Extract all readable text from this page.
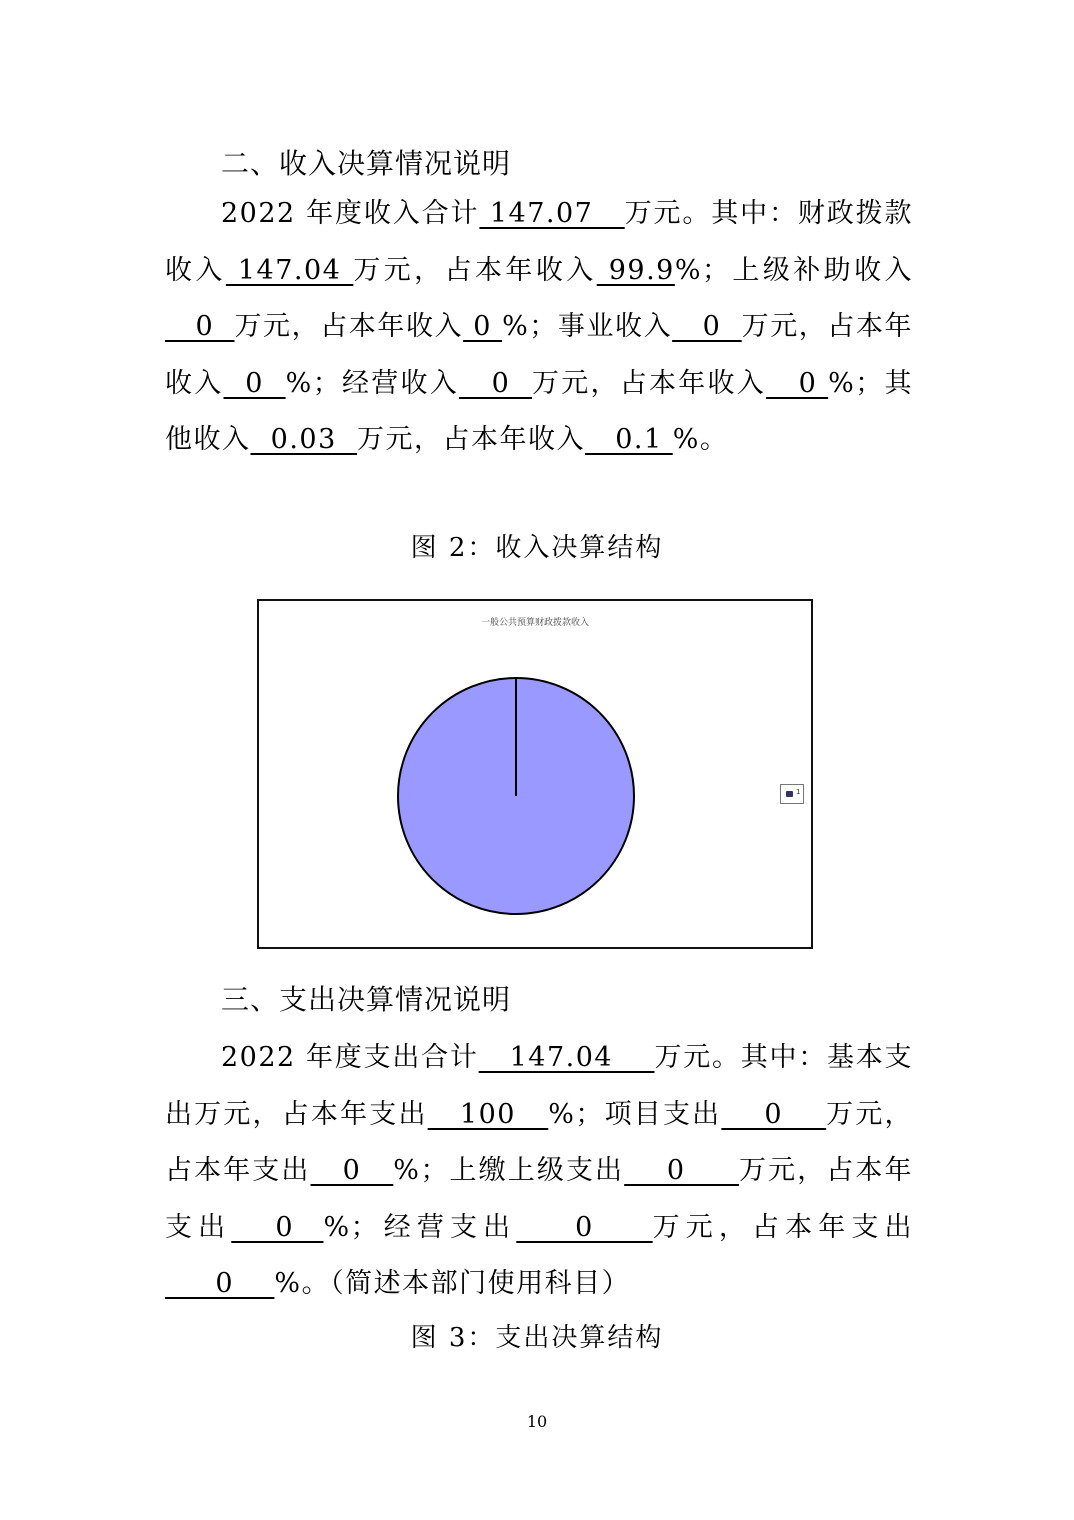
二、收入决算情况说明
2022 年度收入合计 147.07   万元。其中：财政拨款收入 147.04 万元，占本年收入 99.9%；上级补助收入   0  万元，占本年收入 0 %；事业收入   0  万元，占本年收入  0  %；经营收入   0  万元，占本年收入   0 %；其他收入  0.03  万元，占本年收入   0.1 %。
图 2：收入决算结构
一般公共预算财政拨款收入
1
三、支出决算情况说明
2022 年度支出合计   147.04    万元。其中：基本支出万元，占本年支出   100   %；项目支出    0    万元，占本年支出   0   %；上缴上级支出    0     万元，占本年支出   0  %；经营支出    0    万元，占本年支出     0    %。（简述本部门使用科目）
图 3：支出决算结构
10
